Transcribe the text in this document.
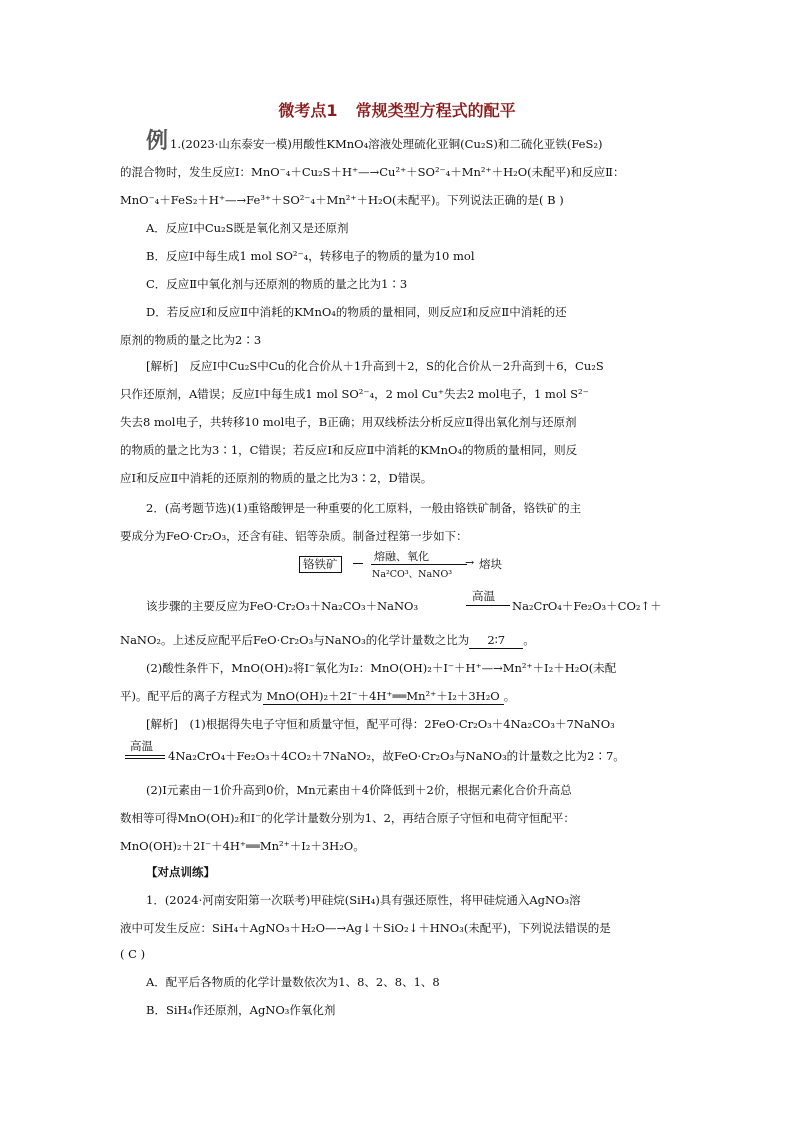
微考点1 常规类型方程式的配平
例 1.(2023·山东泰安一模)用酸性KMnO₄溶液处理硫化亚铜(Cu₂S)和二硫化亚铁(FeS₂)
的混合物时，发生反应Ⅰ：MnO⁻₄＋Cu₂S＋H⁺—→Cu²⁺＋SO²⁻₄＋Mn²⁺＋H₂O(未配平)和反应Ⅱ：
MnO⁻₄＋FeS₂＋H⁺—→Fe³⁺＋SO²⁻₄＋Mn²⁺＋H₂O(未配平)。下列说法正确的是( B )
A．反应Ⅰ中Cu₂S既是氧化剂又是还原剂
B．反应Ⅰ中每生成1 mol SO²⁻₄，转移电子的物质的量为10 mol
C．反应Ⅱ中氧化剂与还原剂的物质的量之比为1∶3
D．若反应Ⅰ和反应Ⅱ中消耗的KMnO₄的物质的量相同，则反应Ⅰ和反应Ⅱ中消耗的还
原剂的物质的量之比为2∶3
[解析]　反应Ⅰ中Cu₂S中Cu的化合价从＋1升高到＋2，S的化合价从－2升高到＋6，Cu₂S
只作还原剂，A错误；反应Ⅰ中每生成1 mol SO²⁻₄，2 mol Cu⁺失去2 mol电子，1 mol S²⁻
失去8 mol电子，共转移10 mol电子，B正确；用双线桥法分析反应Ⅱ得出氧化剂与还原剂
的物质的量之比为3∶1，C错误；若反应Ⅰ和反应Ⅱ中消耗的KMnO₄的物质的量相同，则反
应Ⅰ和反应Ⅱ中消耗的还原剂的物质的量之比为3∶2，D错误。
2．(高考题节选)(1)重铬酸钾是一种重要的化工原料，一般由铬铁矿制备，铬铁矿的主
要成分为FeO·Cr₂O₃，还含有硅、铝等杂质。制备过程第一步如下：
铬铁矿
熔融、氧化
Na²CO³、NaNO³
→ 熔块
该步骤的主要反应为FeO·Cr₂O₃＋Na₂CO₃＋NaNO₃
高温
Na₂CrO₄＋Fe₂O₃＋CO₂↑＋
NaNO₂。上述反应配平后FeO·Cr₂O₃与NaNO₃的化学计量数之比为 2∶7 。
(2)酸性条件下，MnO(OH)₂将I⁻氧化为I₂：MnO(OH)₂＋I⁻＋H⁺—→Mn²⁺＋I₂＋H₂O(未配
平)。配平后的离子方程式为 MnO(OH)₂＋2I⁻＋4H⁺══Mn²⁺＋I₂＋3H₂O 。
[解析]　(1)根据得失电子守恒和质量守恒，配平可得：2FeO·Cr₂O₃＋4Na₂CO₃＋7NaNO₃
高温
4Na₂CrO₄＋Fe₂O₃＋4CO₂＋7NaNO₂，故FeO·Cr₂O₃与NaNO₃的计量数之比为2∶7。
(2)I元素由－1价升高到0价，Mn元素由＋4价降低到＋2价，根据元素化合价升高总
数相等可得MnO(OH)₂和I⁻的化学计量数分别为1、2，再结合原子守恒和电荷守恒配平：
MnO(OH)₂＋2I⁻＋4H⁺══Mn²⁺＋I₂＋3H₂O。
【对点训练】
1．(2024·河南安阳第一次联考)甲硅烷(SiH₄)具有强还原性，将甲硅烷通入AgNO₃溶
液中可发生反应：SiH₄＋AgNO₃＋H₂O—→Ag↓＋SiO₂↓＋HNO₃(未配平)，下列说法错误的是
( C )
A．配平后各物质的化学计量数依次为1、8、2、8、1、8
B．SiH₄作还原剂，AgNO₃作氧化剂
